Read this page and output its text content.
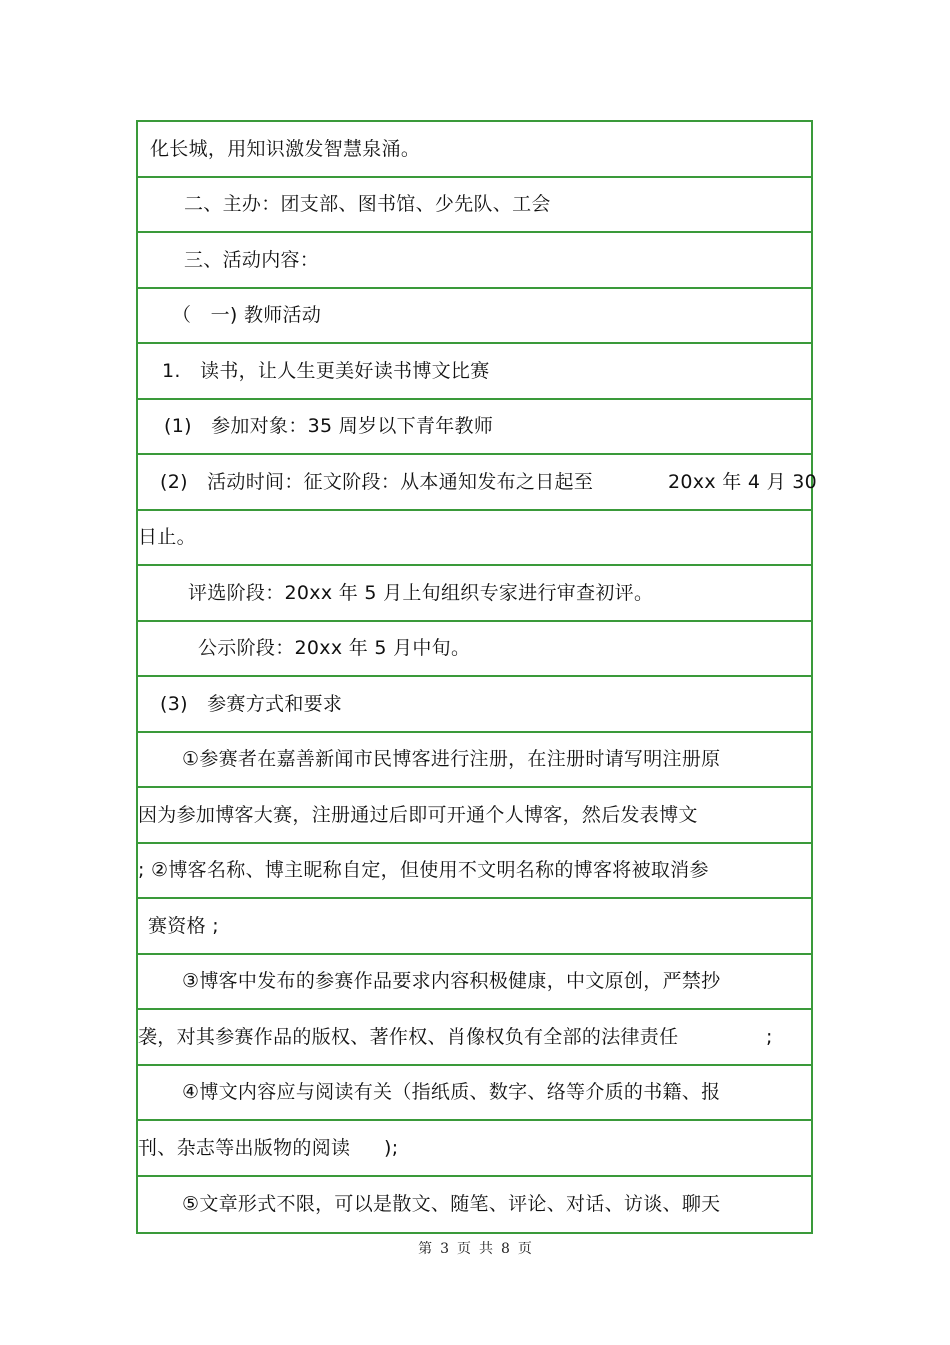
化长城，用知识激发智慧泉涌。
二、主办：团支部、图书馆、少先队、工会
三、活动内容：
（　一) 教师活动
1.　读书，让人生更美好读书博文比赛
(1)　参加对象：35 周岁以下青年教师
(2)　活动时间：征文阶段：从本通知发布之日起至	20xx 年 4 月 30
日止。
评选阶段：20xx 年 5 月上旬组织专家进行审查初评。
公示阶段：20xx 年 5 月中旬。
(3)　参赛方式和要求
①参赛者在嘉善新闻市民博客进行注册，在注册时请写明注册原
因为参加博客大赛，注册通过后即可开通个人博客，然后发表博文
; ②博客名称、博主昵称自定，但使用不文明名称的博客将被取消参
赛资格 ;
③博客中发布的参赛作品要求内容积极健康，中文原创，严禁抄
袭，对其参赛作品的版权、著作权、肖像权负有全部的法律责任	;
④博文内容应与阅读有关（指纸质、数字、络等介质的书籍、报
刊、杂志等出版物的阅读 );
⑤文章形式不限，可以是散文、随笔、评论、对话、访谈、聊天
第 3 页 共 8 页
